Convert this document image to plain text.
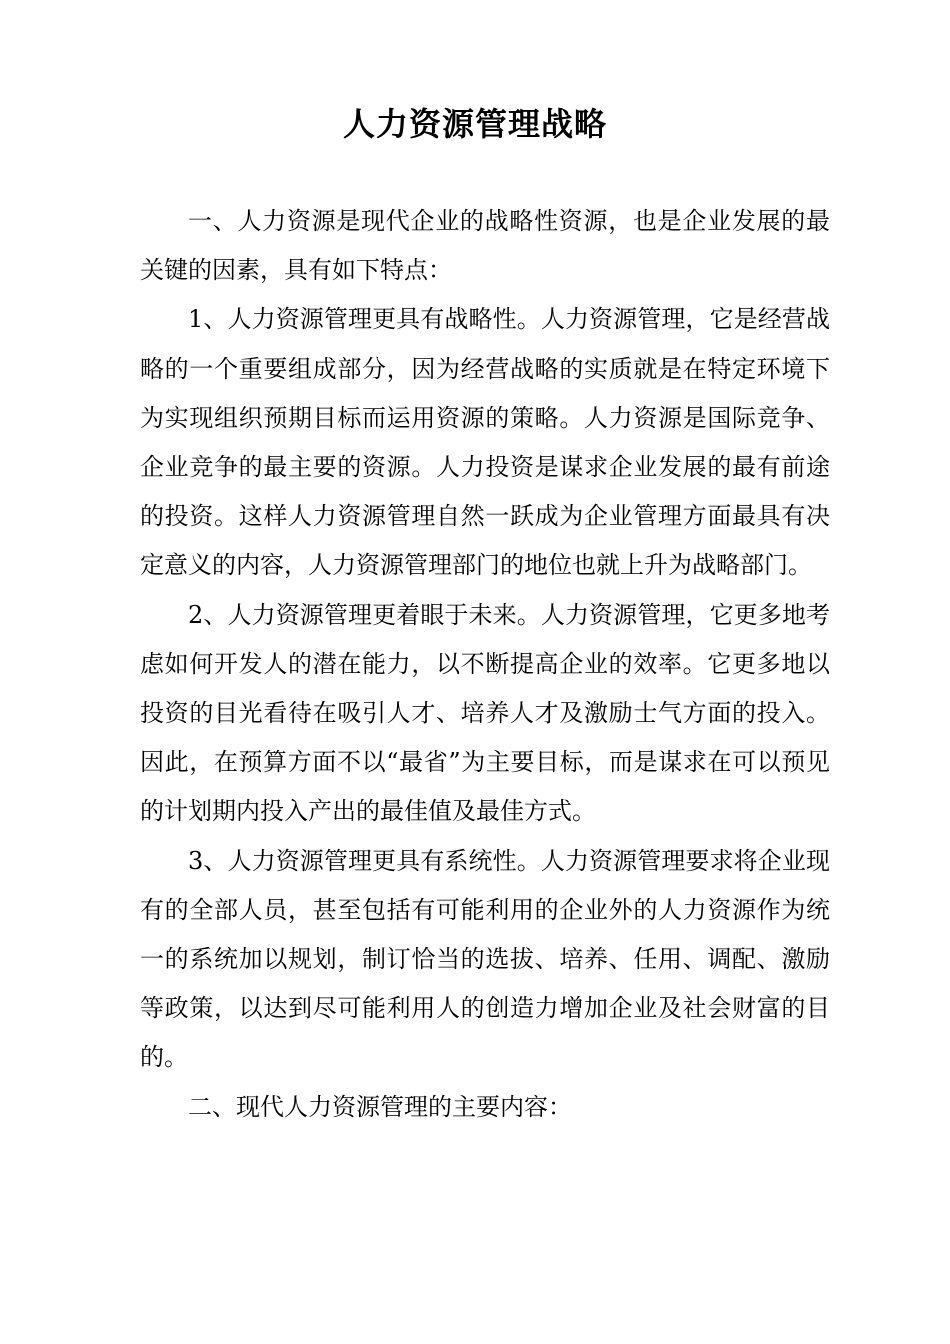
人力资源管理战略

一、人力资源是现代企业的战略性资源，也是企业发展的最关键的因素，具有如下特点：

1、人力资源管理更具有战略性。人力资源管理，它是经营战略的一个重要组成部分，因为经营战略的实质就是在特定环境下为实现组织预期目标而运用资源的策略。人力资源是国际竞争、企业竞争的最主要的资源。人力投资是谋求企业发展的最有前途的投资。这样人力资源管理自然一跃成为企业管理方面最具有决定意义的内容，人力资源管理部门的地位也就上升为战略部门。

2、人力资源管理更着眼于未来。人力资源管理，它更多地考虑如何开发人的潜在能力，以不断提高企业的效率。它更多地以投资的目光看待在吸引人才、培养人才及激励士气方面的投入。因此，在预算方面不以“最省”为主要目标，而是谋求在可以预见的计划期内投入产出的最佳值及最佳方式。

3、人力资源管理更具有系统性。人力资源管理要求将企业现有的全部人员，甚至包括有可能利用的企业外的人力资源作为统一的系统加以规划，制订恰当的选拔、培养、任用、调配、激励等政策，以达到尽可能利用人的创造力增加企业及社会财富的目的。

二、现代人力资源管理的主要内容：
